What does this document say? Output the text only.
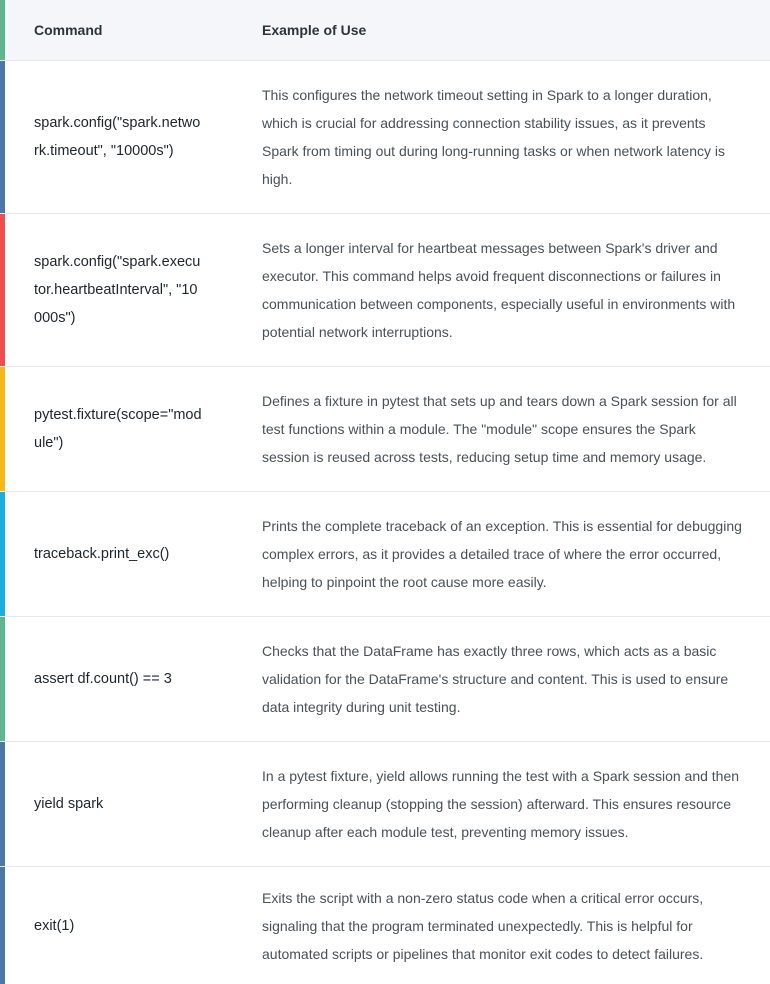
Command	Example of Use
spark.config("spark.network.timeout", "10000s")
This configures the network timeout setting in Spark to a longer duration, which is crucial for addressing connection stability issues, as it prevents Spark from timing out during long-running tasks or when network latency is high.
spark.config("spark.executor.heartbeatInterval", "10000s")
Sets a longer interval for heartbeat messages between Spark's driver and executor. This command helps avoid frequent disconnections or failures in communication between components, especially useful in environments with potential network interruptions.
pytest.fixture(scope="module")
Defines a fixture in pytest that sets up and tears down a Spark session for all test functions within a module. The "module" scope ensures the Spark session is reused across tests, reducing setup time and memory usage.
traceback.print_exc()
Prints the complete traceback of an exception. This is essential for debugging complex errors, as it provides a detailed trace of where the error occurred, helping to pinpoint the root cause more easily.
assert df.count() == 3
Checks that the DataFrame has exactly three rows, which acts as a basic validation for the DataFrame's structure and content. This is used to ensure data integrity during unit testing.
yield spark
In a pytest fixture, yield allows running the test with a Spark session and then performing cleanup (stopping the session) afterward. This ensures resource cleanup after each module test, preventing memory issues.
exit(1)
Exits the script with a non-zero status code when a critical error occurs, signaling that the program terminated unexpectedly. This is helpful for automated scripts or pipelines that monitor exit codes to detect failures.
